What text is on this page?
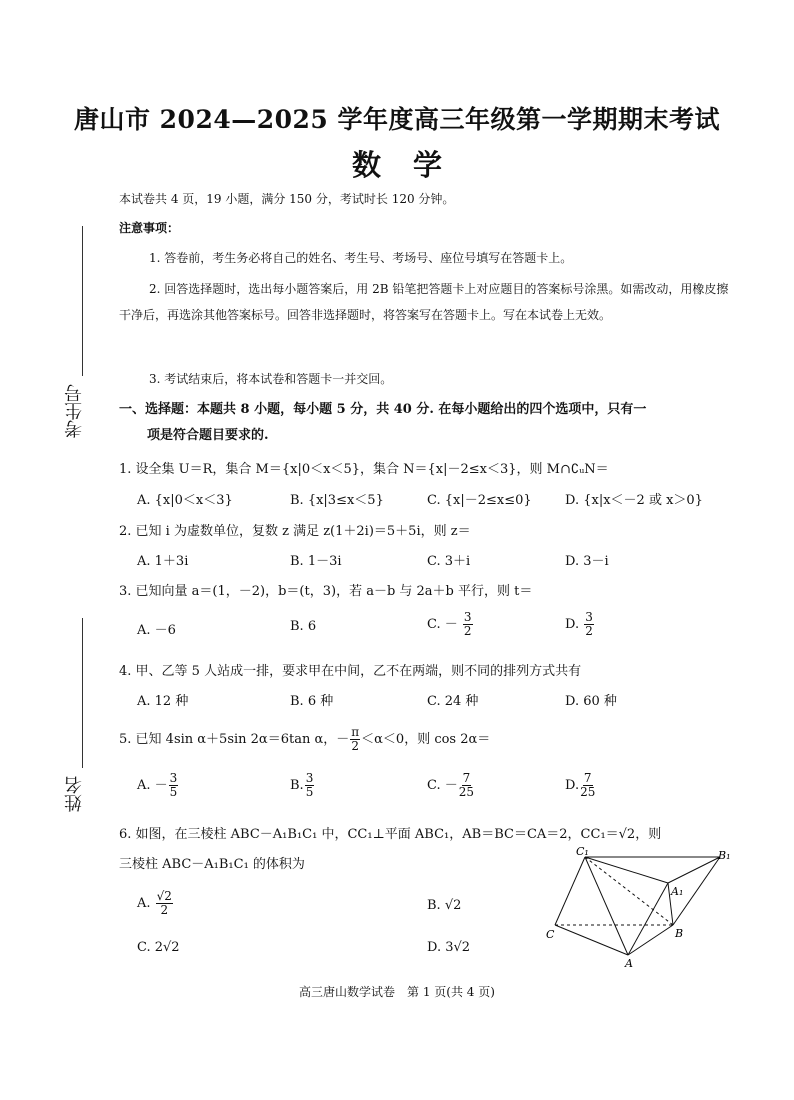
唐山市 2024—2025 学年度高三年级第一学期期末考试
数学
本试卷共 4 页，19 小题，满分 150 分，考试时长 120 分钟。
注意事项：
1. 答卷前，考生务必将自己的姓名、考生号、考场号、座位号填写在答题卡上。
2. 回答选择题时，选出每小题答案后，用 2B 铅笔把答题卡上对应题目的答案标号涂黑。如需改动，用橡皮擦干净后，再选涂其他答案标号。回答非选择题时，将答案写在答题卡上。写在本试卷上无效。
3. 考试结束后，将本试卷和答题卡一并交回。
考生号
姓名
一、选择题：本题共 8 小题，每小题 5 分，共 40 分. 在每小题给出的四个选项中，只有一
项是符合题目要求的.
1. 设全集 U＝R，集合 M＝{x|0＜x＜5}，集合 N＝{x|－2≤x＜3}，则 M∩∁ᵤN＝
A. {x|0＜x＜3}	B. {x|3≤x＜5}	C. {x|－2≤x≤0}	D. {x|x＜－2 或 x＞0}
2. 已知 i 为虚数单位，复数 z 满足 z(1＋2i)＝5＋5i，则 z＝
A. 1＋3i	B. 1－3i	C. 3＋i	D. 3－i
3. 已知向量 a＝(1，－2)，b＝(t，3)，若 a－b 与 2a＋b 平行，则 t＝
A. －6	B. 6	C. － $\frac{3}{2}$	D. $\frac{3}{2}$
4. 甲、乙等 5 人站成一排，要求甲在中间，乙不在两端，则不同的排列方式共有
A. 12 种	B. 6 种	C. 24 种	D. 60 种
5. 已知 4sin α＋5sin 2α＝6tan α，－ $\frac{\pi}{2} <\alpha<0$，则 cos 2α＝
A. － $\frac{3}{5}$	B. $\frac{3}{5}$	C. － $\frac{7}{25}$	D. $\frac{7}{25}$
6. 如图，在三棱柱 ABC－A₁B₁C₁ 中，CC₁⊥平面 ABC₁，AB＝BC＝CA＝2，CC₁＝√2，则
三棱柱 ABC－A₁B₁C₁ 的体积为
A. $\frac{√2}{2}$	B. √2
C. 2√2	D. 3√2
C₁	B₁
A₁
C	B
A
高三唐山数学试卷　第 1 页(共 4 页)
